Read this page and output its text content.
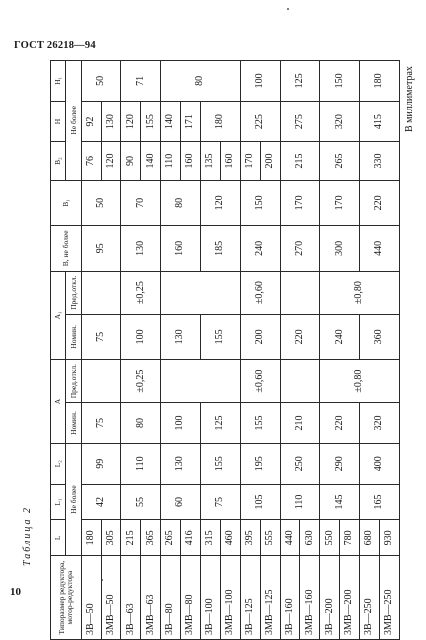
ГОСТ 26218—94
10
Таблица 2
В миллиметрах
Типоразмер редуктора, мотор-редуктора	L	L₁	L₂	A		A₁		B, не более	B₁	B₂	H	H₁
	Не более			Номин.	Пред.откл.	Номин.	Пред.откл.			Не более		
3В—50	180	42	99	75		75		95	50	76	92	50
3МВ—50	305									120	130	
3В—63	215	55	110	80	±0,25	100	±0,25	130	70	90	120	71
3МВ—63	365									140	155	
3В—80	265	60	130	100		130		160	80	110	140	80
3МВ—80	416									160	171	
3В—100	315	75	155	125		155		185	120	135	180	
3МВ—100	460									160		
3В—125	395	105	195	155	±0,60	200	±0,60	240	150	170	225	100
3МВ—125	555									200		
3В—160	440	110	250	210		220		270	170	215	275	125
3МВ—160	630											
3В—200	550	145	290	220	±0,80	240	±0,80	300	170	265	320	150
3МВ—200	780											
3В—250	680	165	400	320		360		440	220	330	415	180
3МВ—250	930											
